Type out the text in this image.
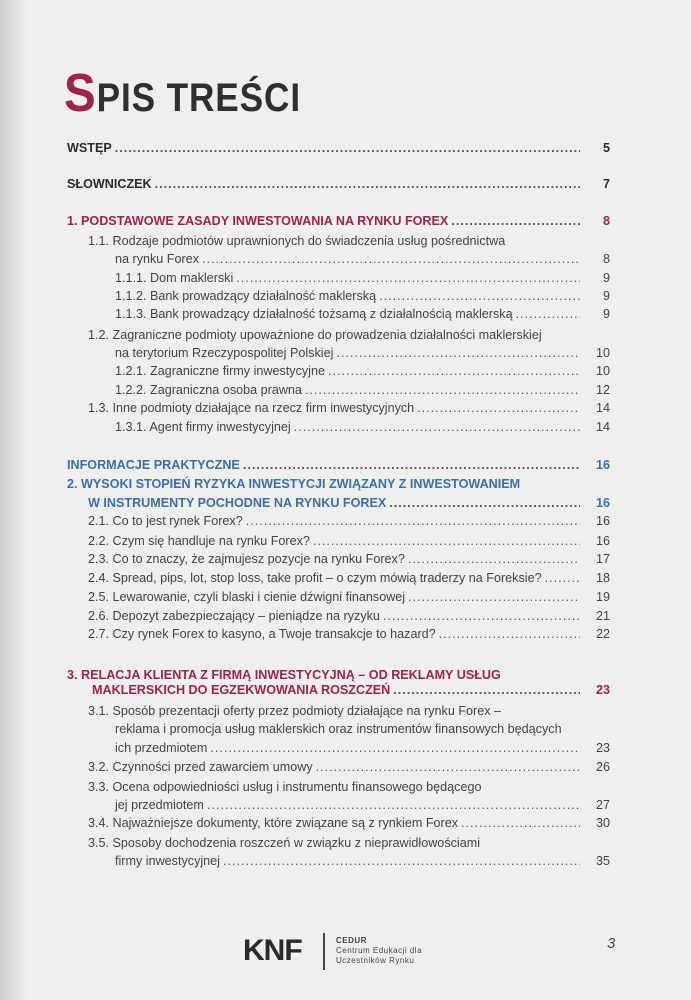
SPIS TREŚCI
WSTĘP .....	5
SŁOWNICZEK .....	7
1. PODSTAWOWE ZASADY INWESTOWANIA NA RYNKU FOREX .....	8
1.1. Rodzaje podmiotów uprawnionych do świadczenia usług pośrednictwa
na rynku Forex .....	8
1.1.1. Dom maklerski .....	9
1.1.2. Bank prowadzący działalność maklerską .....	9
1.1.3. Bank prowadzący działalność tożsamą z działalnością maklerską .....	9
1.2. Zagraniczne podmioty upoważnione do prowadzenia działalności maklerskiej
na terytorium Rzeczypospolitej Polskiej .....	10
1.2.1. Zagraniczne firmy inwestycyjne .....	10
1.2.2. Zagraniczna osoba prawna .....	12
1.3. Inne podmioty działające na rzecz firm inwestycyjnych .....	14
1.3.1. Agent firmy inwestycyjnej .....	14
INFORMACJE PRAKTYCZNE .....	16
2. WYSOKI STOPIEŃ RYZYKA INWESTYCJI ZWIĄZANY Z INWESTOWANIEM
W INSTRUMENTY POCHODNE NA RYNKU FOREX .....	16
2.1. Co to jest rynek Forex? .....	16
2.2. Czym się handluje na rynku Forex? .....	16
2.3. Co to znaczy, że zajmujesz pozycje na rynku Forex? .....	17
2.4. Spread, pips, lot, stop loss, take profit – o czym mówią traderzy na Foreksie? .....	18
2.5. Lewarowanie, czyli blaski i cienie dźwigni finansowej .....	19
2.6. Depozyt zabezpieczający – pieniądze na ryzyku .....	21
2.7. Czy rynek Forex to kasyno, a Twoje transakcje to hazard? .....	22
3. RELACJA KLIENTA Z FIRMĄ INWESTYCYJNĄ – OD REKLAMY USŁUG
MAKLERSKICH DO EGZEKWOWANIA ROSZCZEŃ .....	23
3.1. Sposób prezentacji oferty przez podmioty działające na rynku Forex –
reklama i promocja usług maklerskich oraz instrumentów finansowych będących
ich przedmiotem .....	23
3.2. Czynności przed zawarciem umowy .....	26
3.3. Ocena odpowiedniości usług i instrumentu finansowego będącego
jej przedmiotem .....	27
3.4. Najważniejsze dokumenty, które związane są z rynkiem Forex .....	30
3.5. Sposoby dochodzenia roszczeń w związku z nieprawidłowościami
firmy inwestycyjnej .....	35
KNF	CEDUR
Centrum Edukacji dla
Uczestników Rynku
3
